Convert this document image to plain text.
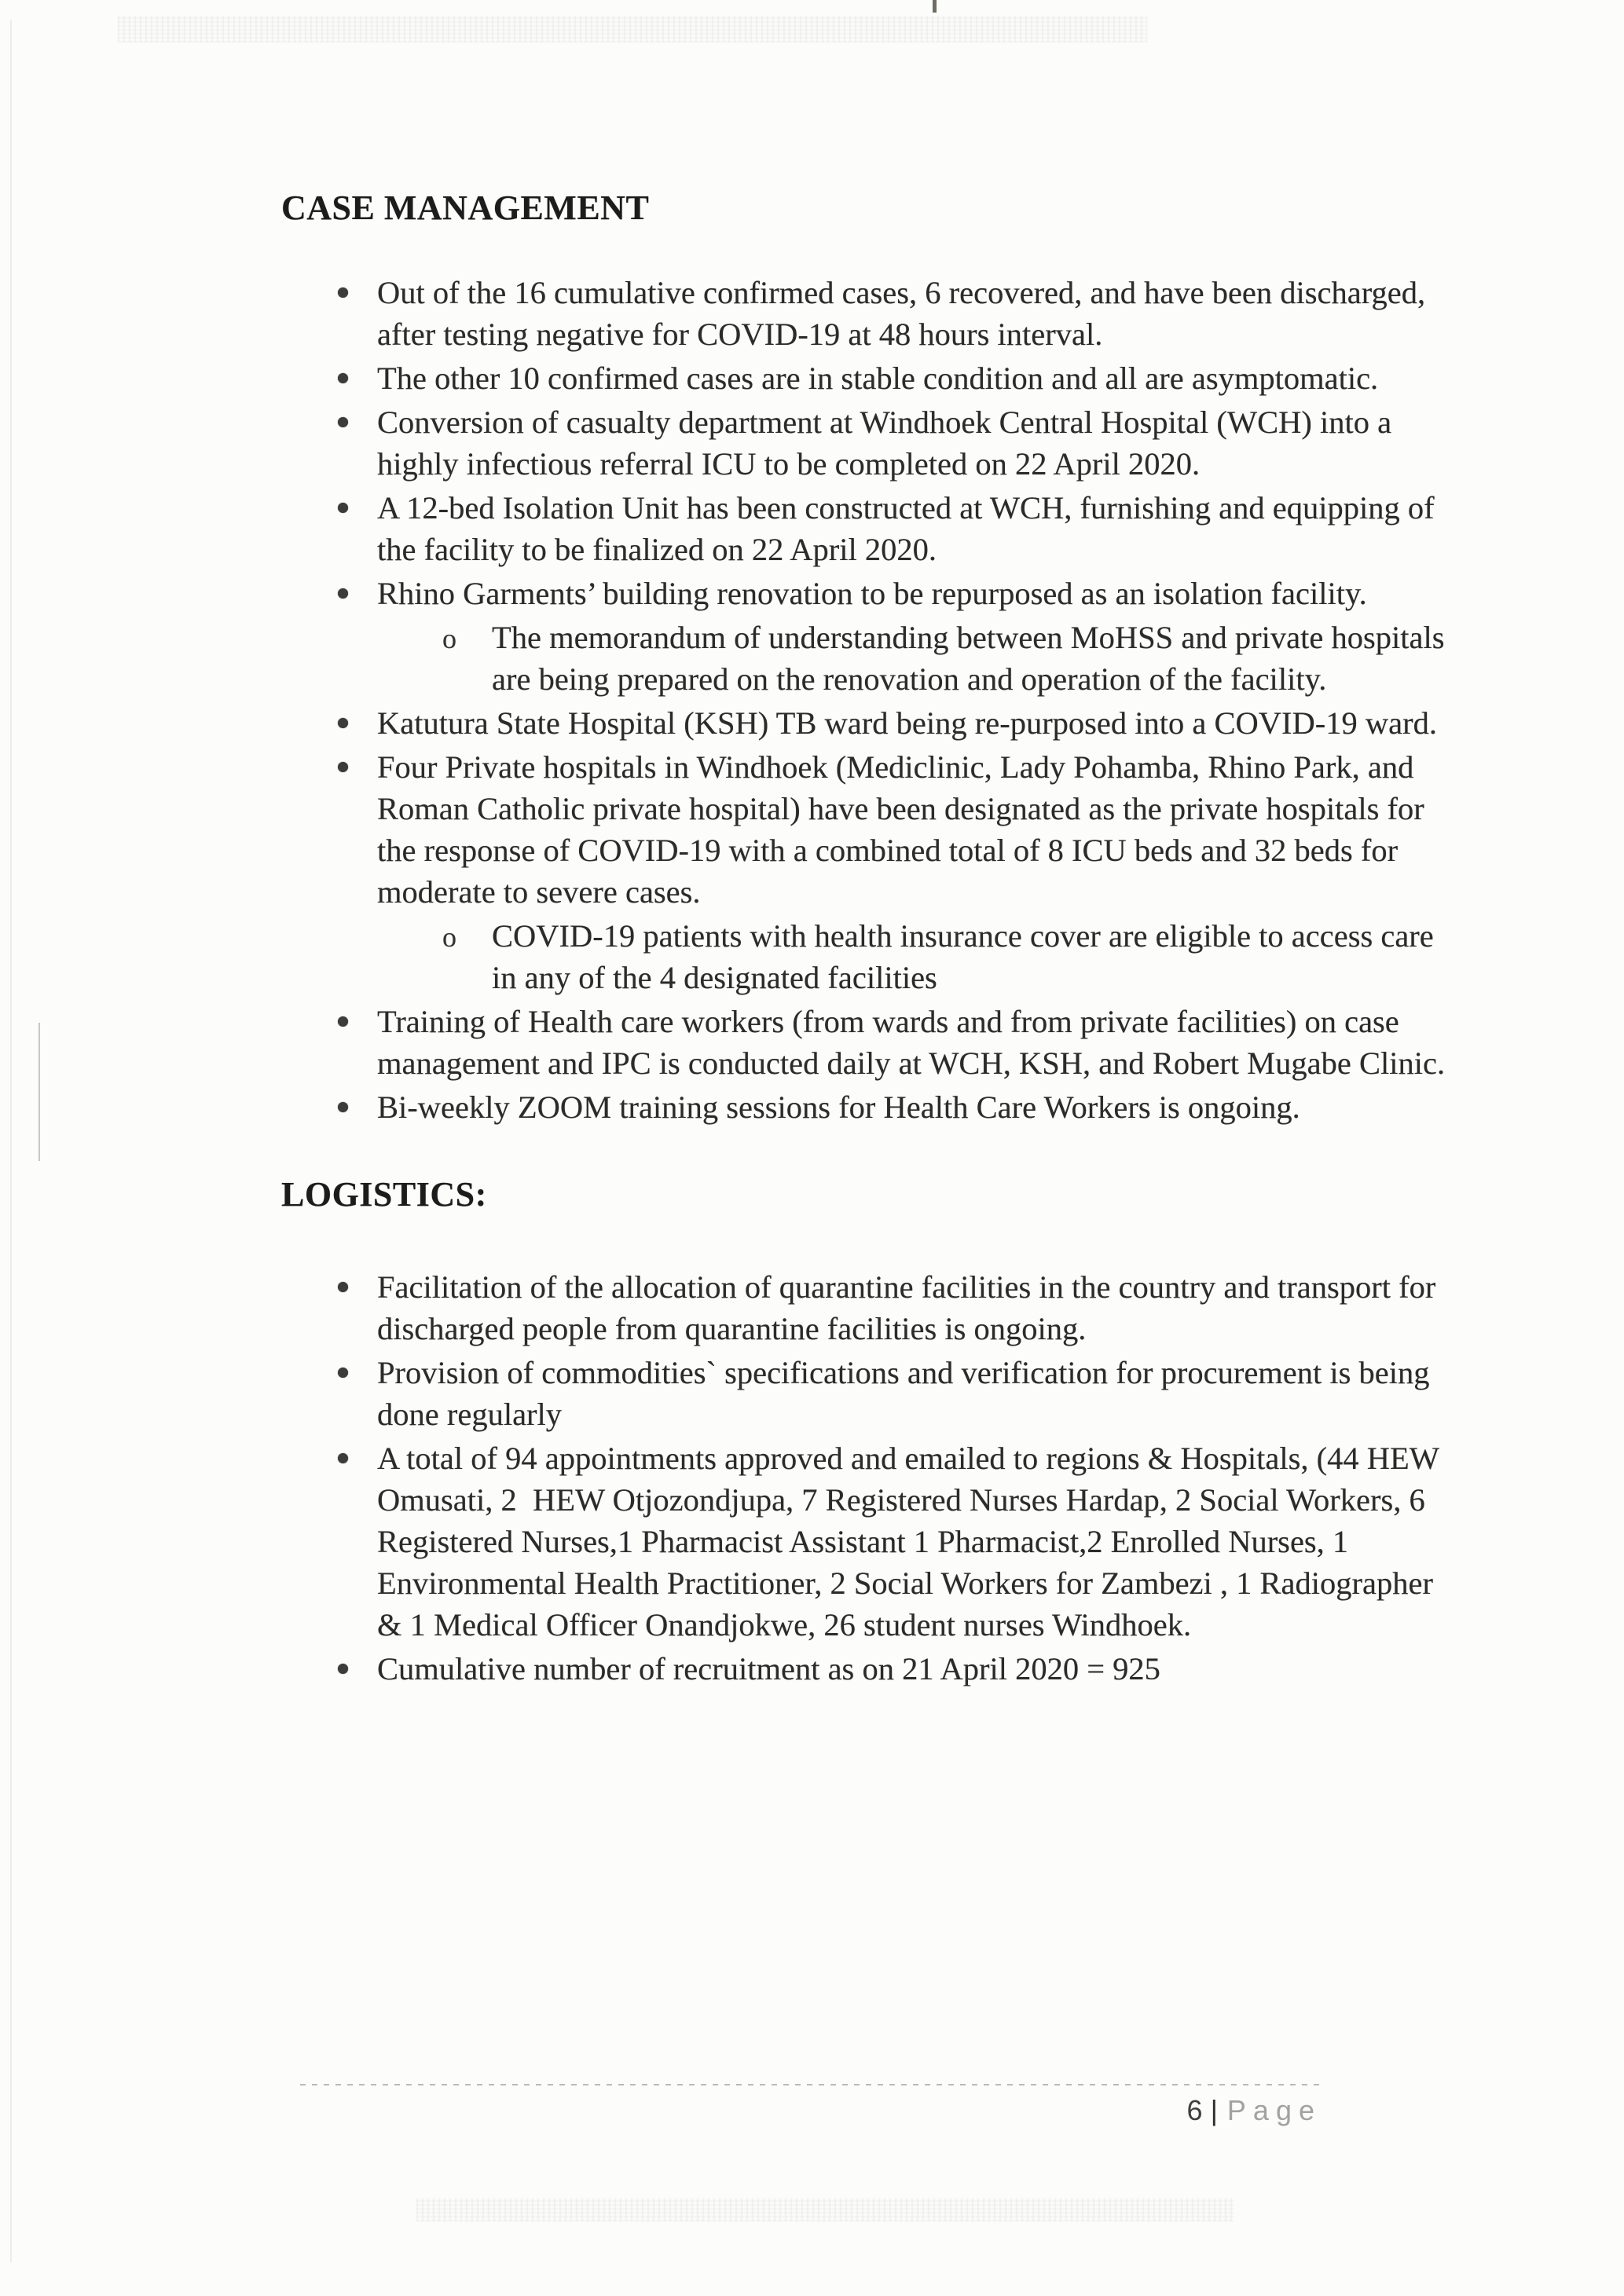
CASE MANAGEMENT
Out of the 16 cumulative confirmed cases, 6 recovered, and have been discharged, after testing negative for COVID-19 at 48 hours interval.
The other 10 confirmed cases are in stable condition and all are asymptomatic.
Conversion of casualty department at Windhoek Central Hospital (WCH) into a highly infectious referral ICU to be completed on 22 April 2020.
A 12-bed Isolation Unit has been constructed at WCH, furnishing and equipping of the facility to be finalized on 22 April 2020.
Rhino Garments’ building renovation to be repurposed as an isolation facility.
o The memorandum of understanding between MoHSS and private hospitals are being prepared on the renovation and operation of the facility.
Katutura State Hospital (KSH) TB ward being re-purposed into a COVID-19 ward.
Four Private hospitals in Windhoek (Mediclinic, Lady Pohamba, Rhino Park, and Roman Catholic private hospital) have been designated as the private hospitals for the response of COVID-19 with a combined total of 8 ICU beds and 32 beds for moderate to severe cases.
o COVID-19 patients with health insurance cover are eligible to access care in any of the 4 designated facilities
Training of Health care workers (from wards and from private facilities) on case management and IPC is conducted daily at WCH, KSH, and Robert Mugabe Clinic.
Bi-weekly ZOOM training sessions for Health Care Workers is ongoing.
LOGISTICS:
Facilitation of the allocation of quarantine facilities in the country and transport for discharged people from quarantine facilities is ongoing.
Provision of commodities` specifications and verification for procurement is being done regularly
A total of 94 appointments approved and emailed to regions & Hospitals, (44 HEW Omusati, 2  HEW Otjozondjupa, 7 Registered Nurses Hardap, 2 Social Workers, 6 Registered Nurses,1 Pharmacist Assistant 1 Pharmacist,2 Enrolled Nurses, 1 Environmental Health Practitioner, 2 Social Workers for Zambezi , 1 Radiographer & 1 Medical Officer Onandjokwe, 26 student nurses Windhoek.
Cumulative number of recruitment as on 21 April 2020 = 925
6 | Page
